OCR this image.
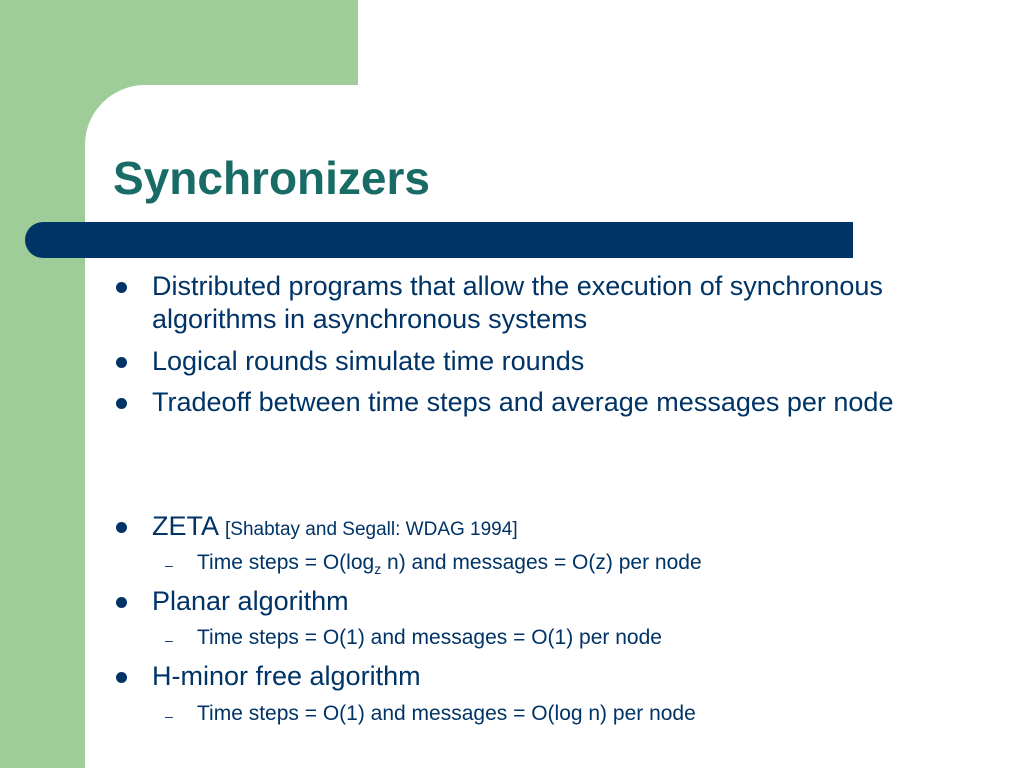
Synchronizers
Distributed programs that allow the execution of synchronous algorithms in asynchronous systems
Logical rounds simulate time rounds
Tradeoff between time steps and average messages per node
ZETA [Shabtay and Segall: WDAG 1994]
– Time steps = $O(\log_z$ n) and messages = O(z) per node
Planar algorithm
– Time steps = O(1) and messages = O(1) per node
H-minor free algorithm
– Time steps = O(1) and messages = O(log n) per node
